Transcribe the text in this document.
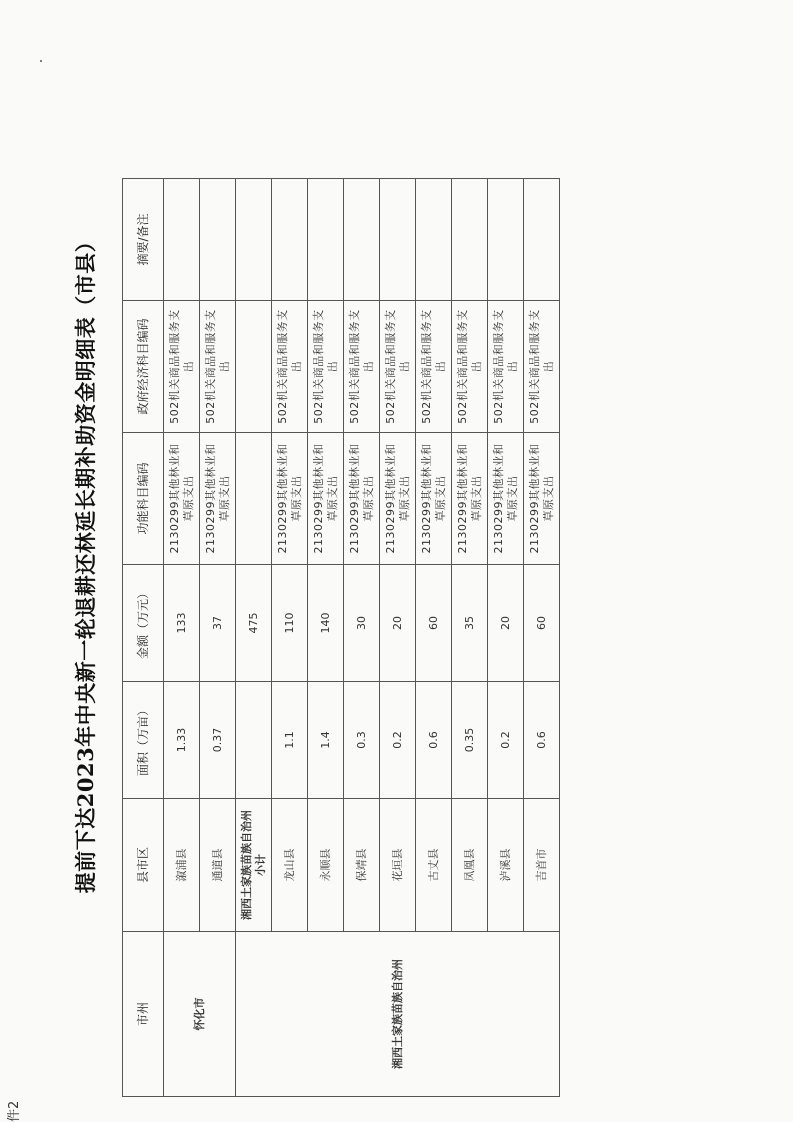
件2
提前下达2023年中央新一轮退耕还林延长期补助资金明细表（市县）
市州	县市区	面积（万亩）	金额（万元）	功能科目编码	政府经济科目编码	摘要/备注
怀化市	溆浦县	1.33	133	2130299其他林业和草原支出	502机关商品和服务支出	
	通道县	0.37	37	2130299其他林业和草原支出	502机关商品和服务支出	
湘西土家族苗族自治州	湘西土家族苗族自治州小计		475			
	龙山县	1.1	110	2130299其他林业和草原支出	502机关商品和服务支出	
	永顺县	1.4	140	2130299其他林业和草原支出	502机关商品和服务支出	
	保靖县	0.3	30	2130299其他林业和草原支出	502机关商品和服务支出	
	花垣县	0.2	20	2130299其他林业和草原支出	502机关商品和服务支出	
	古丈县	0.6	60	2130299其他林业和草原支出	502机关商品和服务支出	
	凤凰县	0.35	35	2130299其他林业和草原支出	502机关商品和服务支出	
	泸溪县	0.2	20	2130299其他林业和草原支出	502机关商品和服务支出	
	吉首市	0.6	60	2130299其他林业和草原支出	502机关商品和服务支出	
